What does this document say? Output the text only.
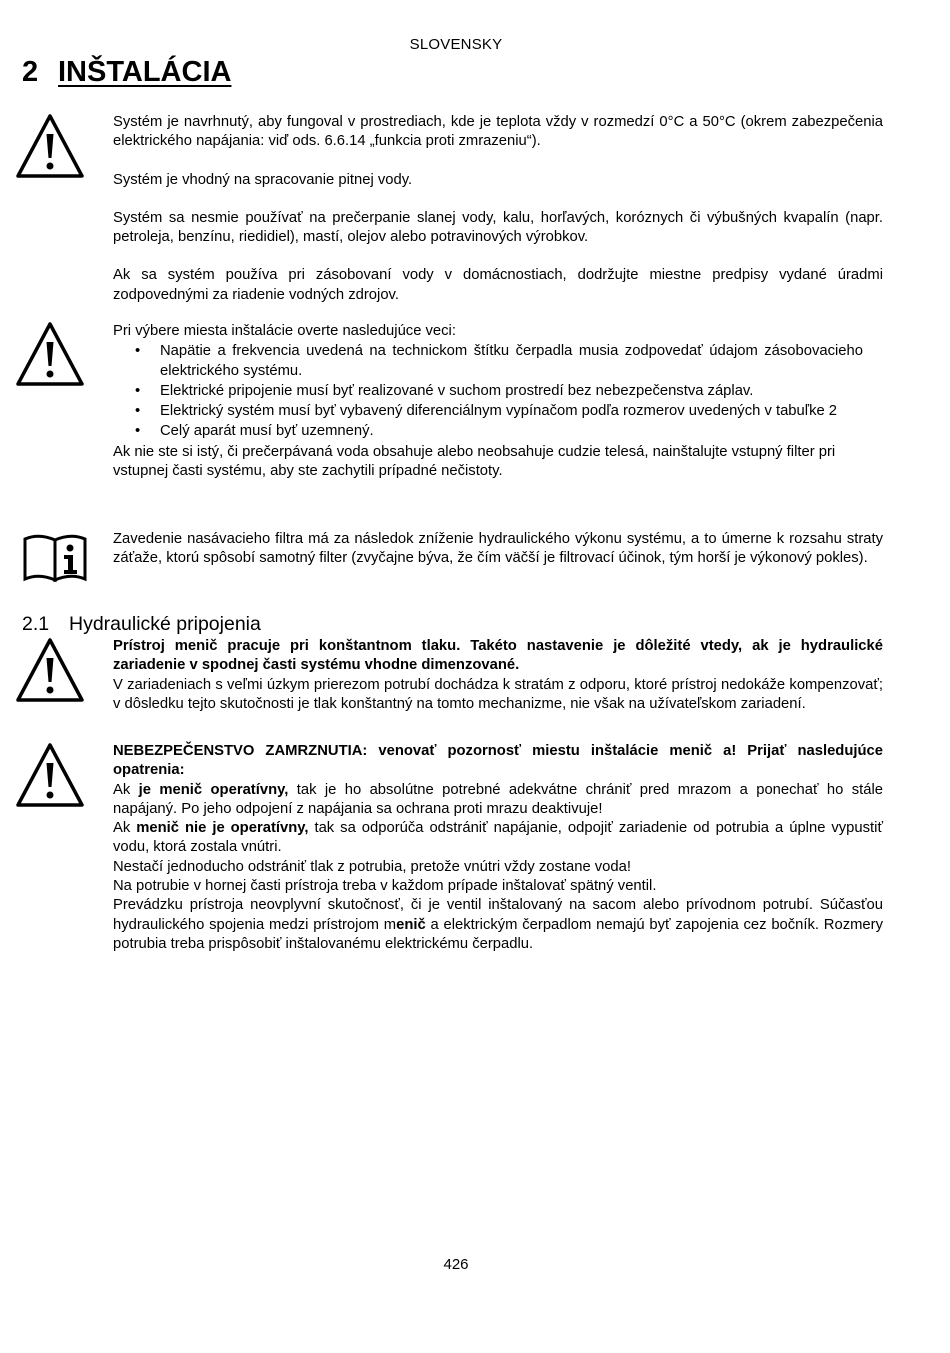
SLOVENSKY
2 INŠTALÁCIA

Systém je navrhnutý, aby fungoval v prostrediach, kde je teplota vždy v rozmedzí 0°C a 50°C (okrem zabezpečenia elektrického napájania: viď ods. 6.6.14 „funkcia proti zmrazeniu“).

Systém je vhodný na spracovanie pitnej vody.

Systém sa nesmie používať na prečerpanie slanej vody, kalu, horľavých, koróznych či výbušných kvapalín (napr. petroleja, benzínu, riedidiel), mastí, olejov alebo potravinových výrobkov.

Ak sa systém používa pri zásobovaní vody v domácnostiach, dodržujte miestne predpisy vydané úradmi zodpovednými za riadenie vodných zdrojov.

Pri výbere miesta inštalácie overte nasledujúce veci:

• Napätie a frekvencia uvedená na technickom štítku čerpadla musia zodpovedať údajom zásobovacieho elektrického systému.
• Elektrické pripojenie musí byť realizované v suchom prostredí bez nebezpečenstva záplav.
• Elektrický systém musí byť vybavený diferenciálnym vypínačom podľa rozmerov uvedených v tabuľke 2
• Celý aparát musí byť uzemnený.

Ak nie ste si istý, či prečerpávaná voda obsahuje alebo neobsahuje cudzie telesá, nainštalujte vstupný filter pri vstupnej časti systému, aby ste zachytili prípadné nečistoty.

Zavedenie nasávacieho filtra má za následok zníženie hydraulického výkonu systému, a to úmerne k rozsahu straty záťaže, ktorú spôsobí samotný filter (zvyčajne býva, že čím väčší je filtrovací účinok, tým horší je výkonový pokles).
2.1 Hydraulické pripojenia

Prístroj menič pracuje pri konštantnom tlaku. Takéto nastavenie je dôležité vtedy, ak je hydraulické zariadenie v spodnej časti systému vhodne dimenzované.

V zariadeniach s veľmi úzkym prierezom potrubí dochádza k stratám z odporu, ktoré prístroj nedokáže kompenzovať; v dôsledku tejto skutočnosti je tlak konštantný na tomto mechanizme, nie však na užívateľskom zariadení.

NEBEZPEČENSTVO ZAMRZNUTIA: venovať pozornosť miestu inštalácie menič a! Prijať nasledujúce opatrenia:

Ak je menič operatívny, tak je ho absolútne potrebné adekvátne chrániť pred mrazom a ponechať ho stále napájaný. Po jeho odpojení z napájania sa ochrana proti mrazu deaktivuje!

Ak menič nie je operatívny, tak sa odporúča odstrániť napájanie, odpojiť zariadenie od potrubia a úplne vypustiť vodu, ktorá zostala vnútri.

Nestačí jednoducho odstrániť tlak z potrubia, pretože vnútri vždy zostane voda!

Na potrubie v hornej časti prístroja treba v každom prípade inštalovať spätný ventil.

Prevádzku prístroja neovplyvní skutočnosť, či je ventil inštalovaný na sacom alebo prívodnom potrubí. Súčasťou hydraulického spojenia medzi prístrojom menič a elektrickým čerpadlom nemajú byť zapojenia cez bočník. Rozmery potrubia treba prispôsobiť inštalovanému elektrickému čerpadlu.

426
